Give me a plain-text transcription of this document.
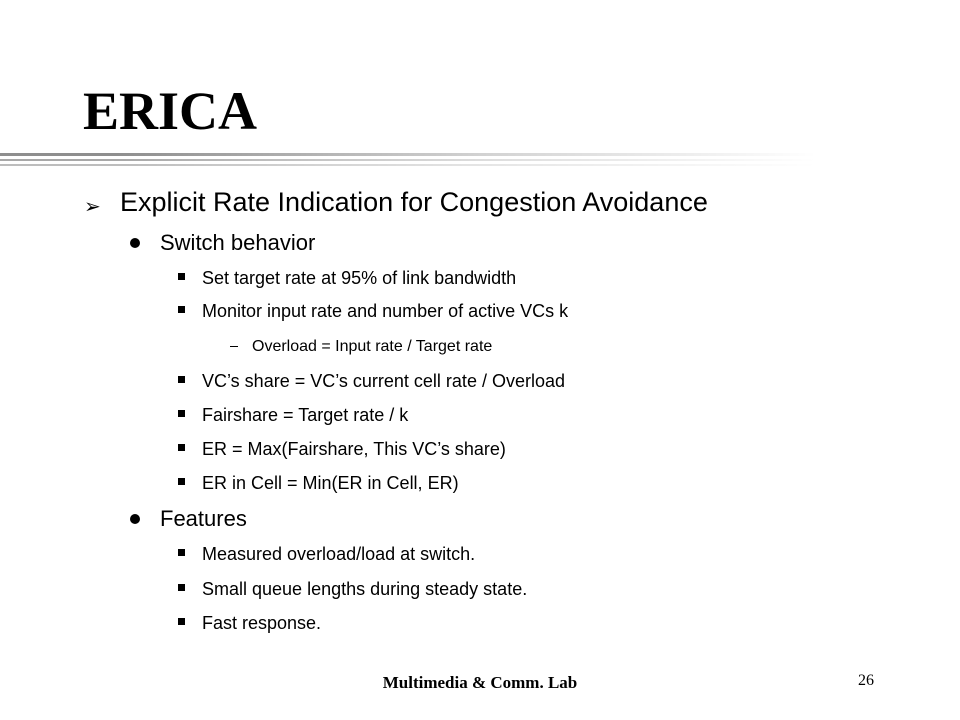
ERICA
➢ Explicit Rate Indication for Congestion Avoidance
Switch behavior
Set target rate at 95% of link bandwidth
Monitor input rate and number of active VCs k
Overload = Input rate / Target rate
VC’s share = VC’s current cell rate / Overload
Fairshare = Target rate / k
ER = Max(Fairshare, This VC’s share)
ER in Cell = Min(ER in Cell, ER)
Features
Measured overload/load at switch.
Small queue lengths during steady state.
Fast response.
Multimedia & Comm. Lab	26
